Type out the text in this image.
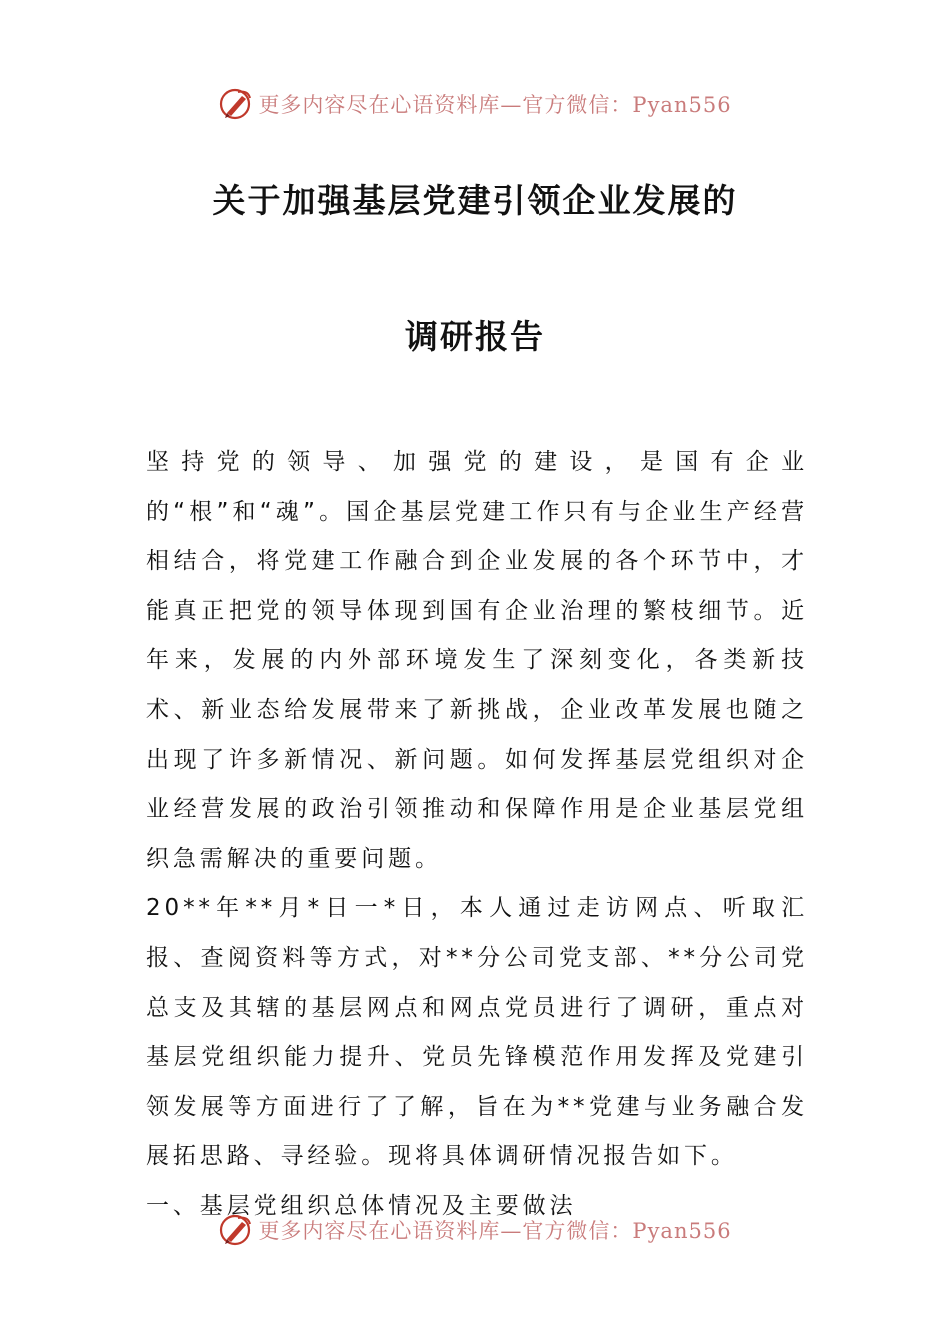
更多内容尽在心语资料库—官方微信：Pyan556
关于加强基层党建引领企业发展的
调研报告

坚持党的领导、加强党的建设，是国有企业的“根”和“魂”。国企基层党建工作只有与企业生产经营相结合，将党建工作融合到企业发展的各个环节中，才能真正把党的领导体现到国有企业治理的繁枝细节。近年来，发展的内外部环境发生了深刻变化，各类新技术、新业态给发展带来了新挑战，企业改革发展也随之出现了许多新情况、新问题。如何发挥基层党组织对企业经营发展的政治引领推动和保障作用是企业基层党组织急需解决的重要问题。

20**年**月*日一*日，本人通过走访网点、听取汇报、查阅资料等方式，对**分公司党支部、**分公司党总支及其辖的基层网点和网点党员进行了调研，重点对基层党组织能力提升、党员先锋模范作用发挥及党建引领发展等方面进行了了解，旨在为**党建与业务融合发展拓思路、寻经验。现将具体调研情况报告如下。

一、基层党组织总体情况及主要做法

更多内容尽在心语资料库—官方微信：Pyan556
